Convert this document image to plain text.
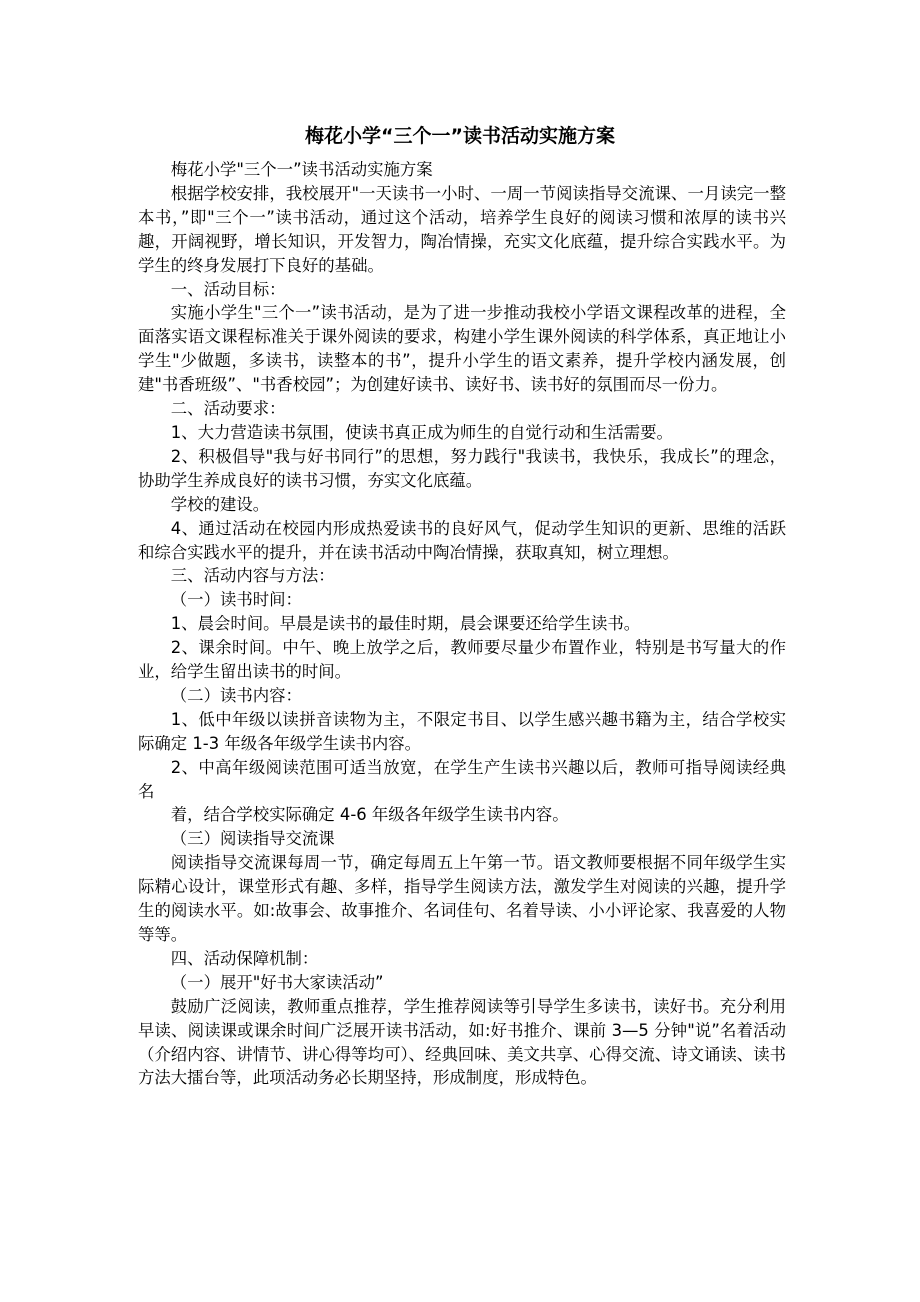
梅花小学“三个一”读书活动实施方案

梅花小学"三个一”读书活动实施方案

根据学校安排，我校展开"一天读书一小时、一周一节阅读指导交流课、一月读完一整本书，”即"三个一”读书活动，通过这个活动，培养学生良好的阅读习惯和浓厚的读书兴趣，开阔视野，增长知识，开发智力，陶冶情操，充实文化底蕴，提升综合实践水平。为学生的终身发展打下良好的基础。

一、活动目标：

实施小学生"三个一”读书活动，是为了进一步推动我校小学语文课程改革的进程，全面落实语文课程标准关于课外阅读的要求，构建小学生课外阅读的科学体系，真正地让小学生"少做题，多读书，读整本的书”，提升小学生的语文素养，提升学校内涵发展，创建"书香班级”、"书香校园”；为创建好读书、读好书、读书好的氛围而尽一份力。

二、活动要求：

1、大力营造读书氛围，使读书真正成为师生的自觉行动和生活需要。

2、积极倡导"我与好书同行”的思想，努力践行"我读书，我快乐，我成长”的理念，协助学生养成良好的读书习惯，夯实文化底蕴。

学校的建设。

4、通过活动在校园内形成热爱读书的良好风气，促动学生知识的更新、思维的活跃和综合实践水平的提升，并在读书活动中陶冶情操，获取真知，树立理想。

三、活动内容与方法：

（一）读书时间：

1、晨会时间。早晨是读书的最佳时期，晨会课要还给学生读书。

2、课余时间。中午、晚上放学之后，教师要尽量少布置作业，特别是书写量大的作业，给学生留出读书的时间。

（二）读书内容：

1、低中年级以读拼音读物为主，不限定书目、以学生感兴趣书籍为主，结合学校实际确定 1-3 年级各年级学生读书内容。

2、中高年级阅读范围可适当放宽，在学生产生读书兴趣以后，教师可指导阅读经典名

着，结合学校实际确定 4-6 年级各年级学生读书内容。

（三）阅读指导交流课

阅读指导交流课每周一节，确定每周五上午第一节。语文教师要根据不同年级学生实际精心设计，课堂形式有趣、多样，指导学生阅读方法，激发学生对阅读的兴趣，提升学生的阅读水平。如:故事会、故事推介、名词佳句、名着导读、小小评论家、我喜爱的人物等等。

四、活动保障机制：

（一）展开"好书大家读活动”

鼓励广泛阅读，教师重点推荐，学生推荐阅读等引导学生多读书，读好书。充分利用早读、阅读课或课余时间广泛展开读书活动，如:好书推介、课前 3—5 分钟"说”名着活动（介绍内容、讲情节、讲心得等均可）、经典回味、美文共享、心得交流、诗文诵读、读书方法大擂台等，此项活动务必长期坚持，形成制度，形成特色。
